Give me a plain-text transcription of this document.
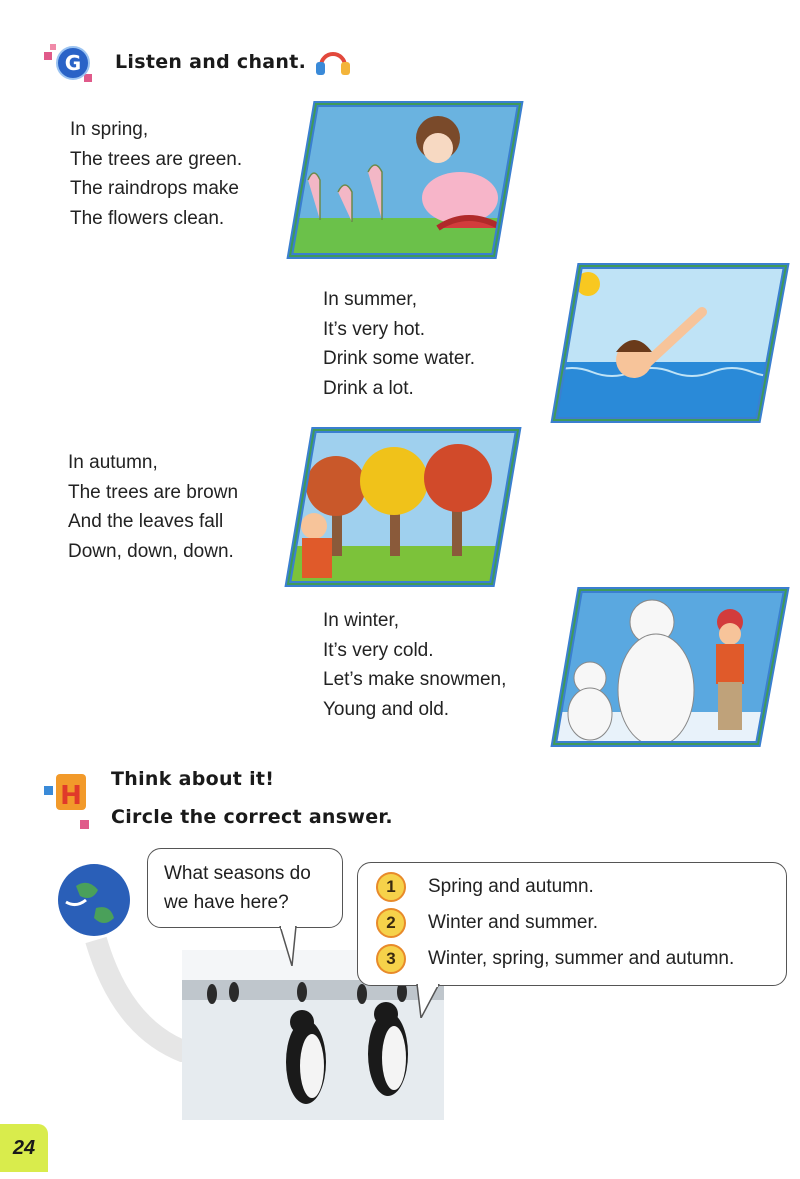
G Listen and chant.
In spring,
The trees are green.
The raindrops make
The flowers clean.
In summer,
It’s very hot.
Drink some water.
Drink a lot.
In autumn,
The trees are brown
And the leaves fall
Down, down, down.
In winter,
It’s very cold.
Let’s make snowmen,
Young and old.
H
Think about it!
Circle the correct answer.
What seasons do
we have here?
1	Spring and autumn.
2	Winter and summer.
3	Winter, spring, summer and autumn.
24
